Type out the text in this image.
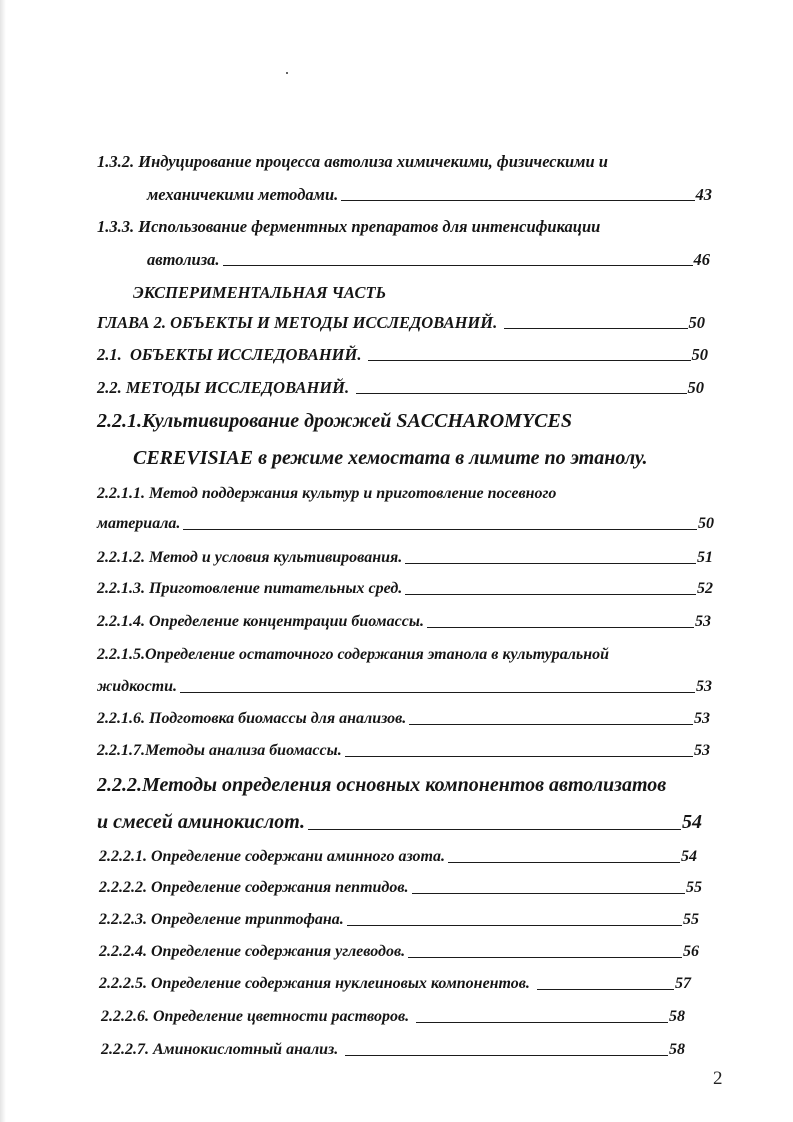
1.3.2. Индуцирование процесса автолиза химичекими, физическими и
механичекими методами.	43
1.3.3. Использование ферментных препаратов для интенсификации
автолиза.	46
ЭКСПЕРИМЕНТАЛЬНАЯ ЧАСТЬ
ГЛАВА 2. ОБЪЕКТЫ И МЕТОДЫ ИССЛЕДОВАНИЙ.	50
2.1.  ОБЪЕКТЫ ИССЛЕДОВАНИЙ.	50
2.2. МЕТОДЫ ИССЛЕДОВАНИЙ.	50
2.2.1.Культивирование дрожжей SACCHAROMYCES
CEREVISIAE в режиме хемостата в лимите по этанолу.
2.2.1.1. Метод поддержания культур и приготовление посевного
материала.	50
2.2.1.2. Метод и условия культивирования.	51
2.2.1.3. Приготовление питательных сред.	52
2.2.1.4. Определение концентрации биомассы.	53
2.2.1.5.Определение остаточного содержания этанола в культуральной
жидкости.	53
2.2.1.6. Подготовка биомассы для анализов.	53
2.2.1.7.Методы анализа биомассы.	53
2.2.2.Методы определения основных компонентов автолизатов
и смесей аминокислот.	54
2.2.2.1. Определение содержани аминного азота.	54
2.2.2.2. Определение содержания пептидов.	55
2.2.2.3. Определение триптофана.	55
2.2.2.4. Определение содержания углеводов.	56
2.2.2.5. Определение содержания нуклеиновых компонентов.	57
2.2.2.6. Определение цветности растворов.	58
2.2.2.7. Аминокислотный анализ.	58
2
